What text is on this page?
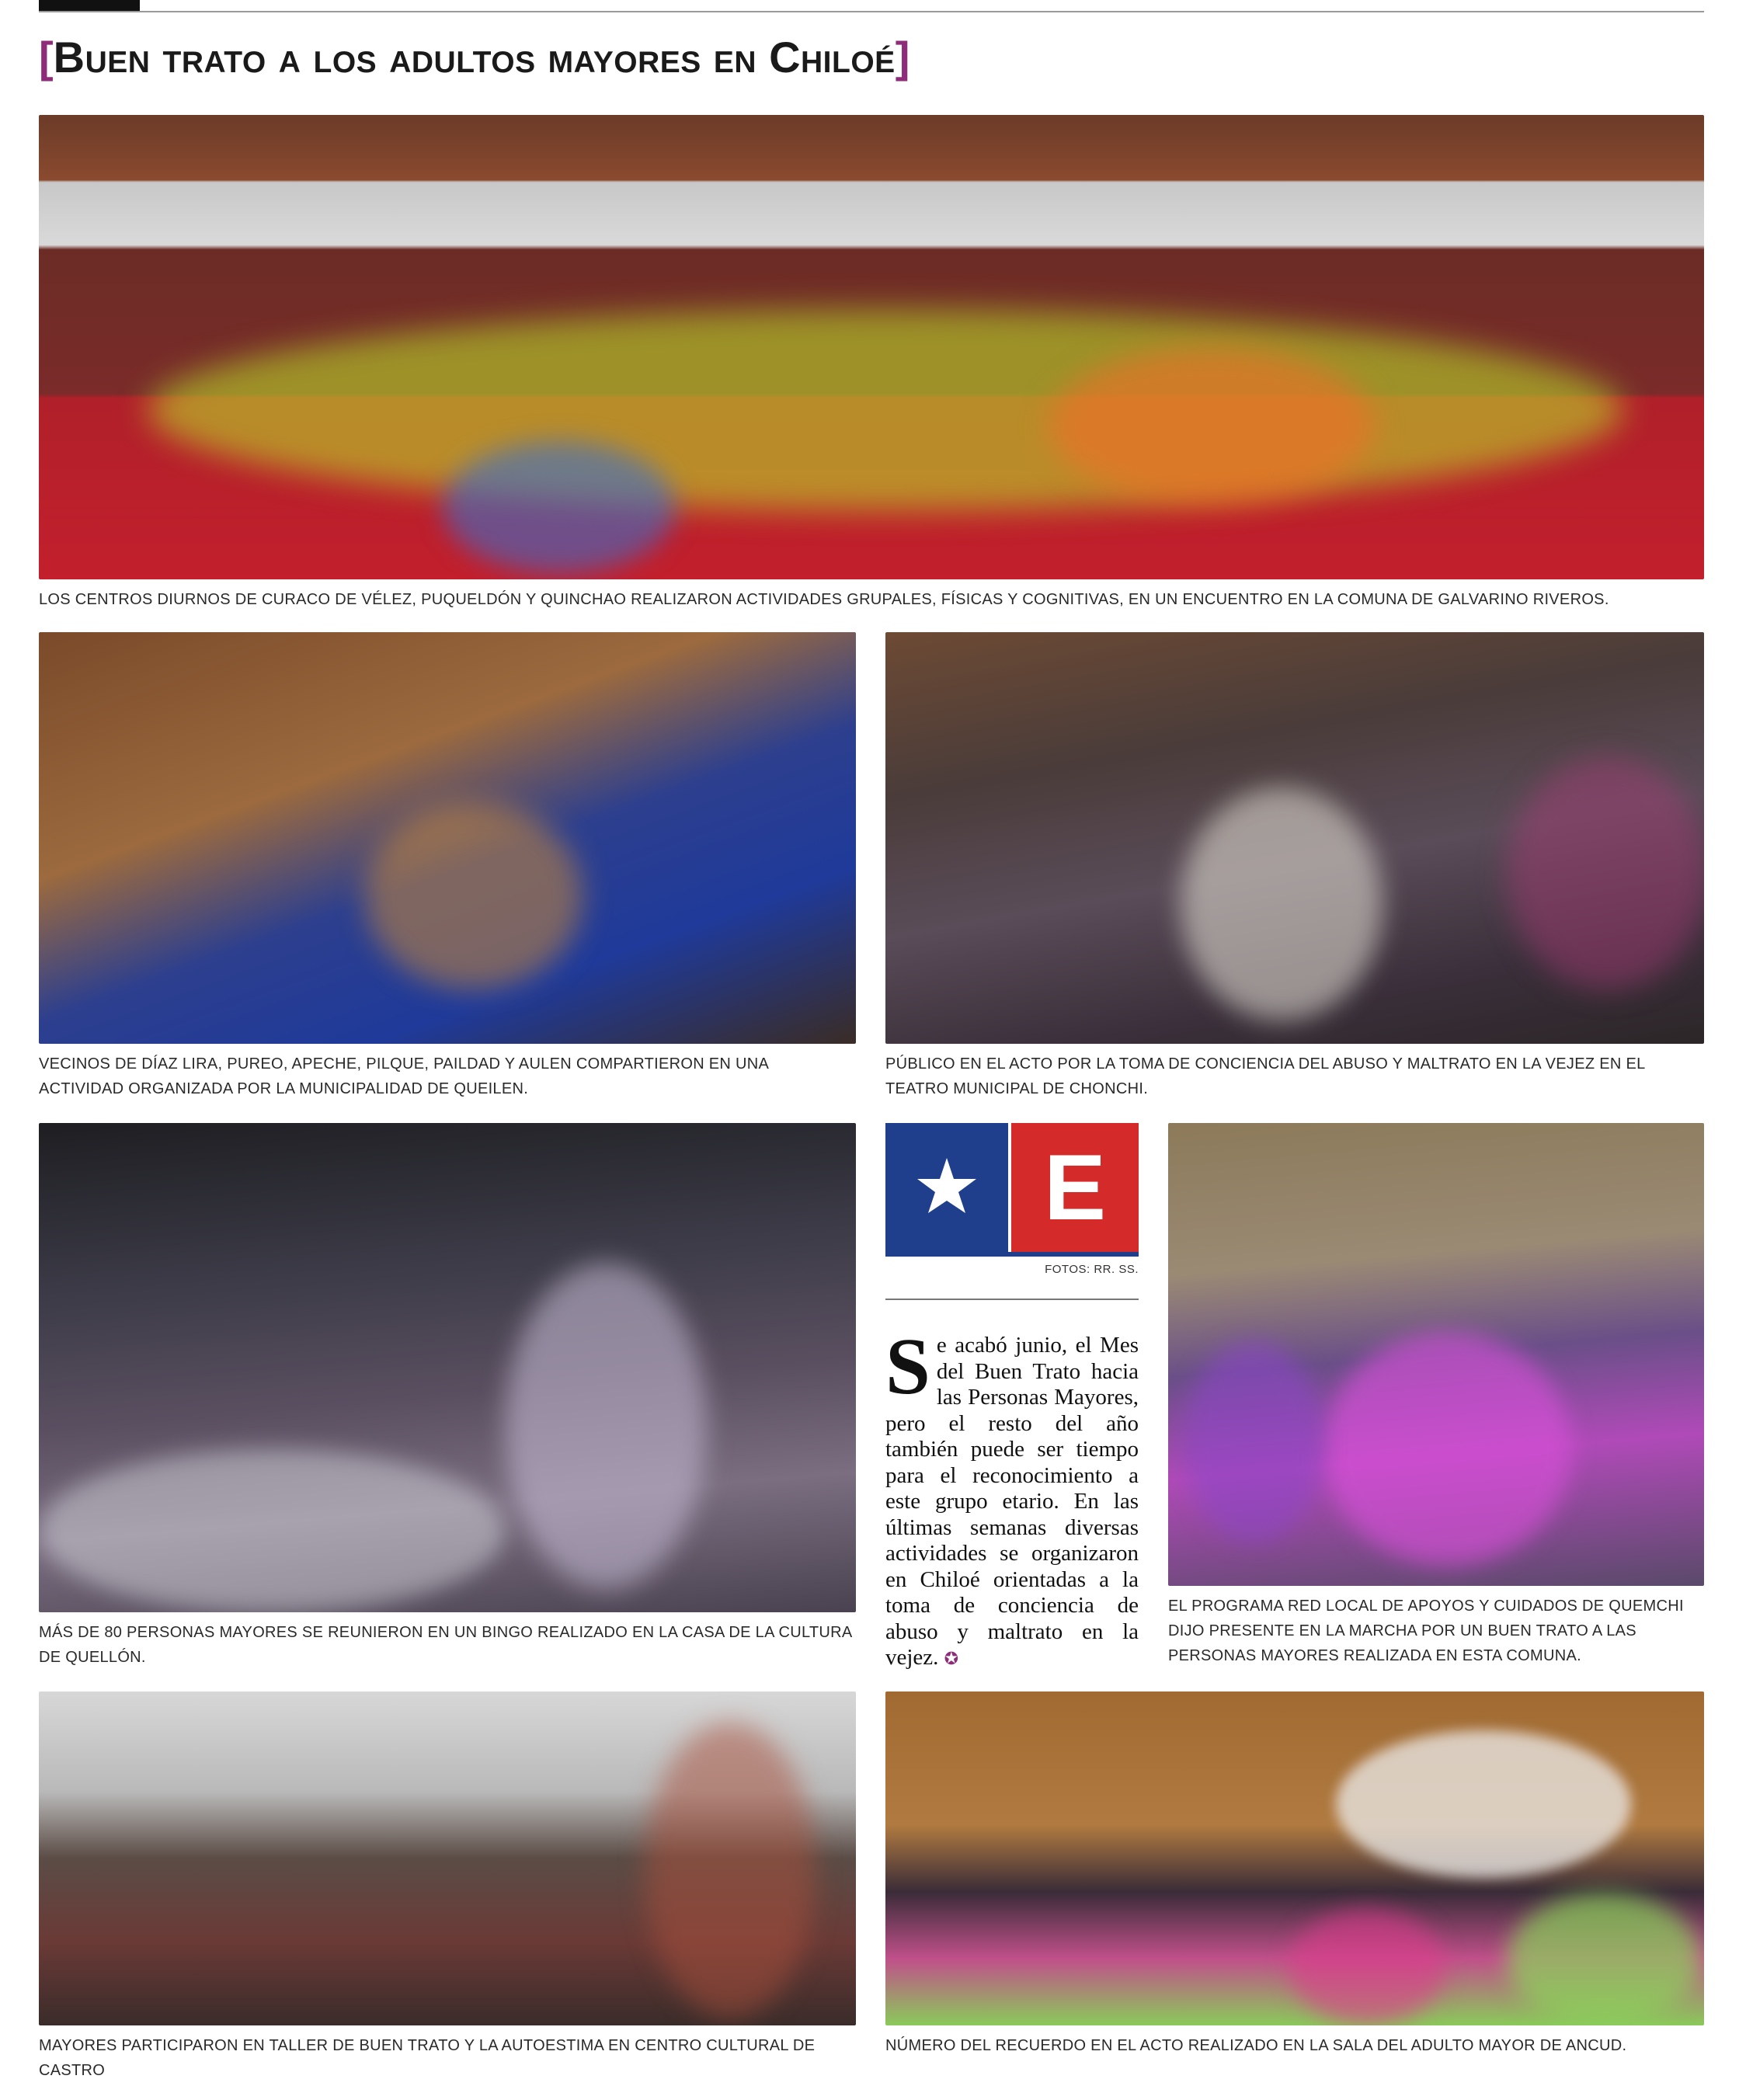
[Buen trato a los adultos mayores en Chiloé]
LOS CENTROS DIURNOS DE CURACO DE VÉLEZ, PUQUELDÓN Y QUINCHAO REALIZARON ACTIVIDADES GRUPALES, FÍSICAS Y COGNITIVAS, EN UN ENCUENTRO EN LA COMUNA DE GALVARINO RIVEROS.
VECINOS DE DÍAZ LIRA, PUREO, APECHE, PILQUE, PAILDAD Y AULEN COMPARTIERON EN UNA ACTIVIDAD ORGANIZADA POR LA MUNICIPALIDAD DE QUEILEN.
PÚBLICO EN EL ACTO POR LA TOMA DE CONCIENCIA DEL ABUSO Y MALTRATO EN LA VEJEZ EN EL TEATRO MUNICIPAL DE CHONCHI.
MÁS DE 80 PERSONAS MAYORES SE REUNIERON EN UN BINGO REALIZADO EN LA CASA DE LA CULTURA DE QUELLÓN.
E
FOTOS: RR. SS.
Se acabó junio, el Mes del Buen Trato hacia las Personas Mayores, pero el resto del año también puede ser tiempo para el reconocimiento a este grupo etario. En las últimas semanas diversas actividades se organizaron en Chiloé orientadas a la toma de conciencia de abuso y maltrato en la vejez. ✪
EL PROGRAMA RED LOCAL DE APOYOS Y CUIDADOS DE QUEMCHI DIJO PRESENTE EN LA MARCHA POR UN BUEN TRATO A LAS PERSONAS MAYORES REALIZADA EN ESTA COMUNA.
MAYORES PARTICIPARON EN TALLER DE BUEN TRATO Y LA AUTOESTIMA EN CENTRO CULTURAL DE CASTRO
NÚMERO DEL RECUERDO EN EL ACTO REALIZADO EN LA SALA DEL ADULTO MAYOR DE ANCUD.
